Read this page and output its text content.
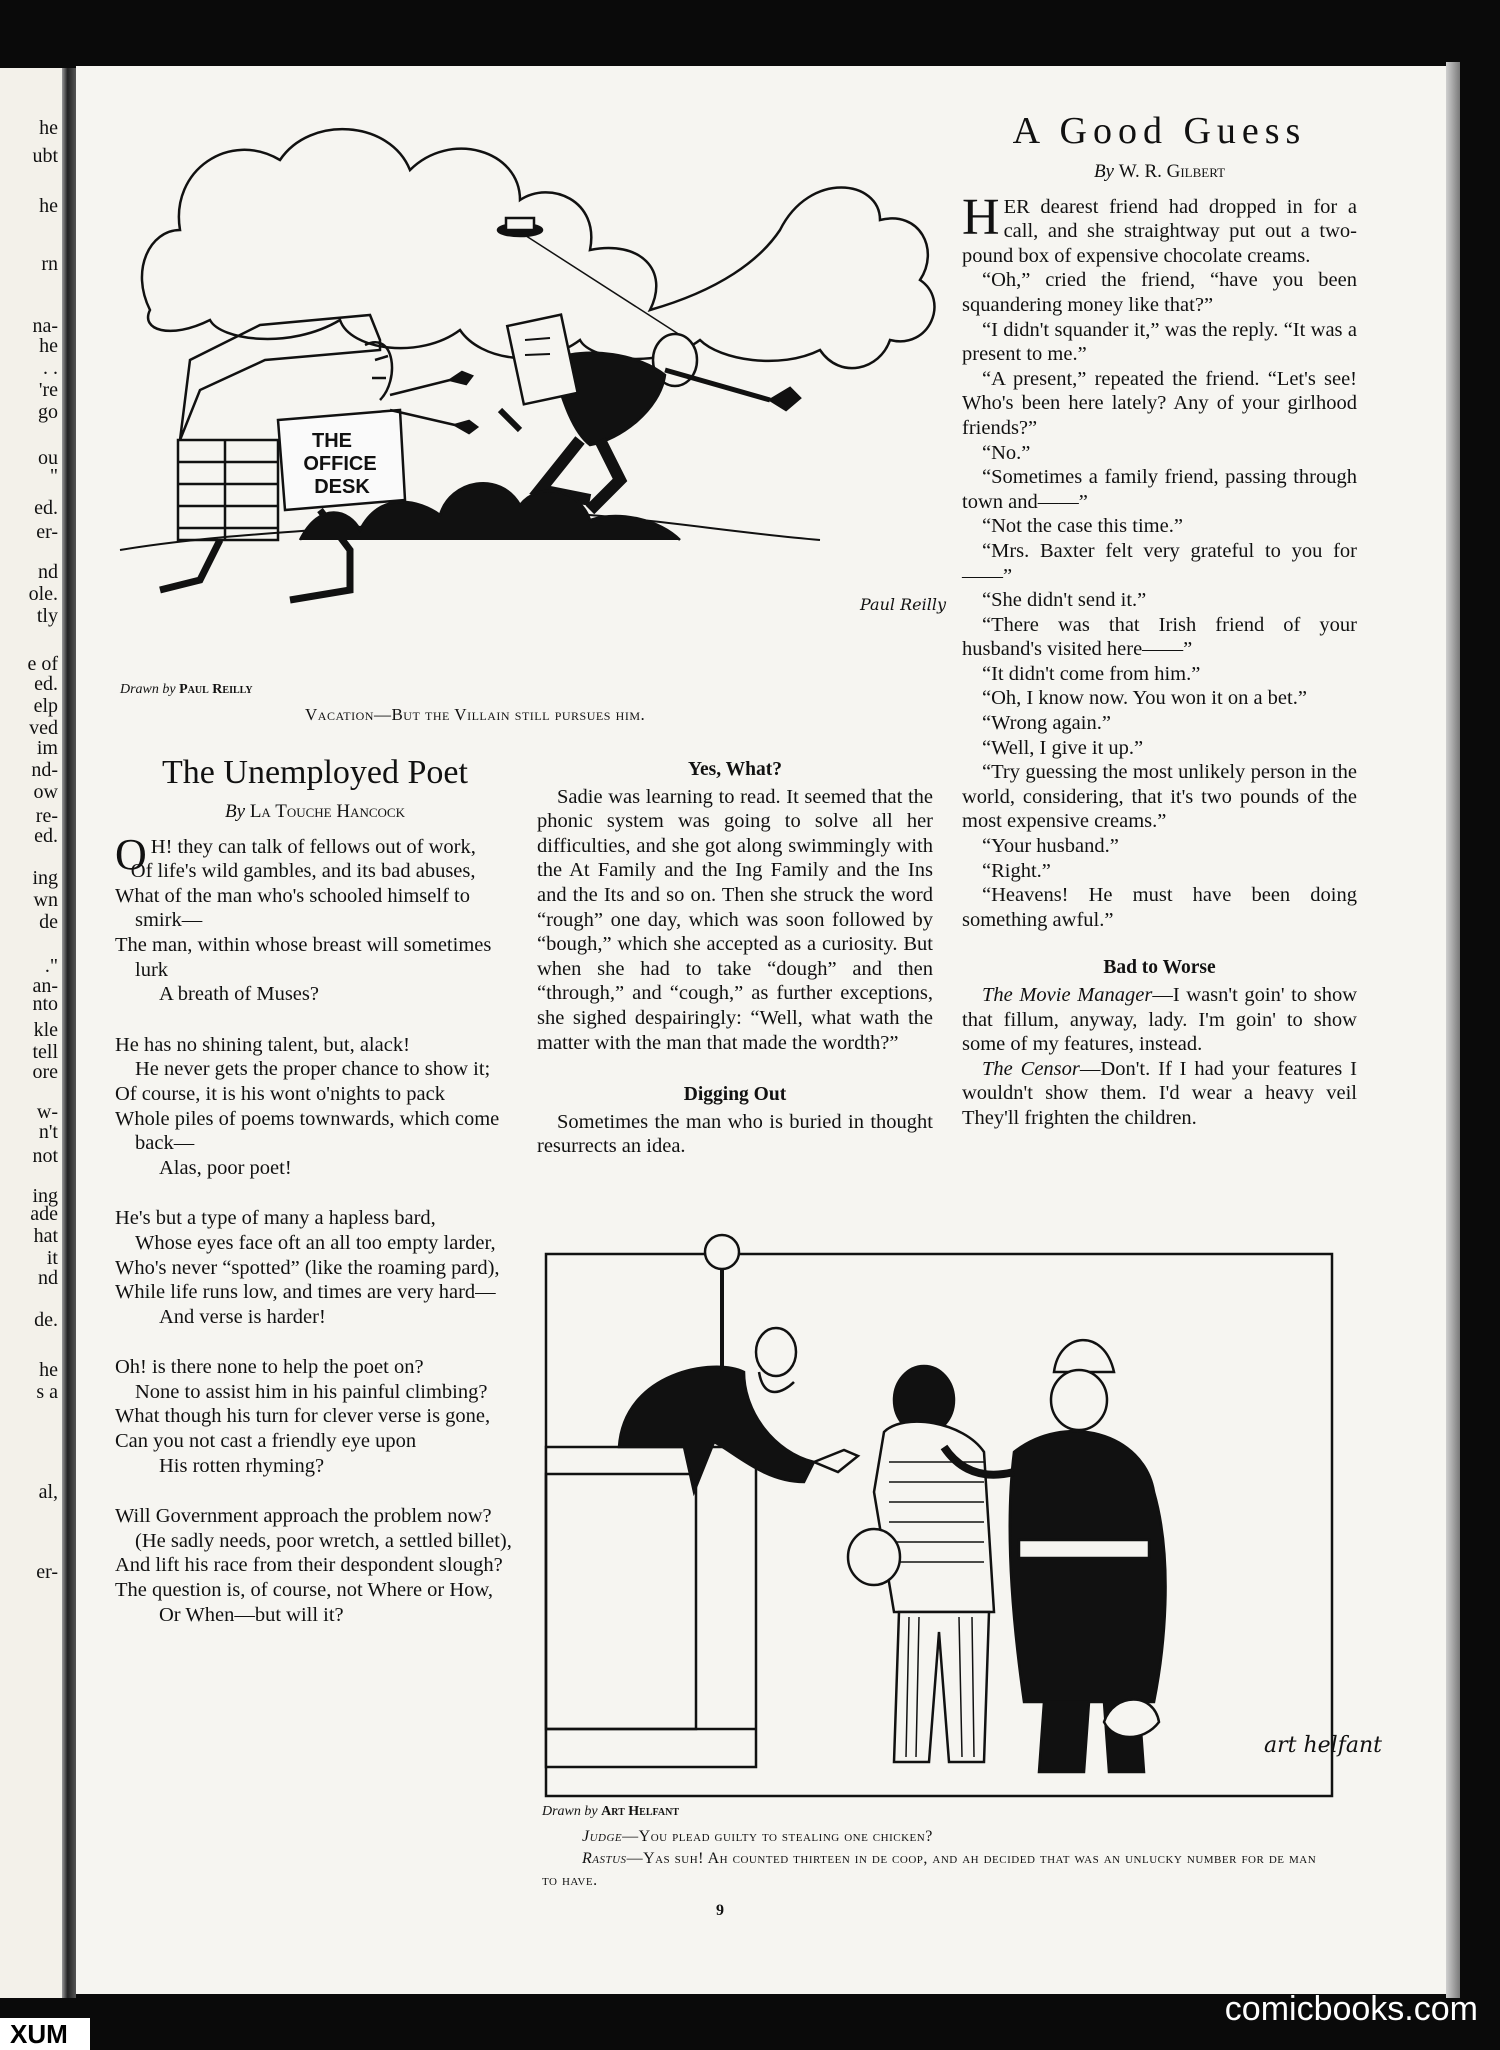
he
ubt
he
rn
na-
he
. .
're
go
ou
"
ed.
er-
nd
ole.
tly
e of
ed.
elp
ved
im
nd-
ow
re-
ed.
ing
wn
de
."
an-
nto
kle
tell
ore
w-
n't
not
ing
ade
hat
it
nd
de.
he
s a
al,
er-
THE
OFFICE
DESK
Paul Reilly
Drawn by Paul Reilly
Vacation—But the Villain still pursues him.
A Good Guess
By W. R. Gilbert

HER dearest friend had dropped in for a call, and she straightway put out a two-pound box of expensive chocolate creams.

“Oh,” cried the friend, “have you been squandering money like that?”

“I didn't squander it,” was the reply. “It was a present to me.”

“A present,” repeated the friend. “Let's see! Who's been here lately? Any of your girlhood friends?”

“No.”

“Sometimes a family friend, passing through town and——”

“Not the case this time.”

“Mrs. Baxter felt very grateful to you for——”

“She didn't send it.”

“There was that Irish friend of your husband's visited here——”

“It didn't come from him.”

“Oh, I know now. You won it on a bet.”

“Wrong again.”

“Well, I give it up.”

“Try guessing the most unlikely person in the world, considering, that it's two pounds of the most expensive creams.”

“Your husband.”

“Right.”

“Heavens! He must have been doing something awful.”

Bad to Worse

The Movie Manager—I wasn't goin' to show that fillum, anyway, lady. I'm goin' to show some of my features, instead.

The Censor—Don't. If I had your features I wouldn't show them. I'd wear a heavy veil They'll frighten the children.

The Unemployed Poet
By La Touche Hancock
O H! they can talk of fellows out of work,
Of life's wild gambles, and its bad abuses,
What of the man who's schooled himself to smirk—
The man, within whose breast will sometimes lurk
A breath of Muses?
He has no shining talent, but, alack!
He never gets the proper chance to show it;
Of course, it is his wont o'nights to pack
Whole piles of poems townwards, which come back—
Alas, poor poet!
He's but a type of many a hapless bard,
Whose eyes face oft an all too empty larder,
Who's never “spotted” (like the roaming pard),
While life runs low, and times are very hard—
And verse is harder!
Oh! is there none to help the poet on?
None to assist him in his painful climbing?
What though his turn for clever verse is gone,
Can you not cast a friendly eye upon
His rotten rhyming?
Will Government approach the problem now?
(He sadly needs, poor wretch, a settled billet),
And lift his race from their despondent slough?
The question is, of course, not Where or How,
Or When—but will it?
Yes, What?

Sadie was learning to read. It seemed that the phonic system was going to solve all her difficulties, and she got along swimmingly with the At Family and the Ing Family and the Ins and the Its and so on. Then she struck the word “rough” one day, which was soon followed by “bough,” which she accepted as a curiosity. But when she had to take “dough” and then “through,” and “cough,” as further exceptions, she sighed despairingly: “Well, what wath the matter with the man that made the wordth?”

Digging Out

Sometimes the man who is buried in thought resurrects an idea.

art helfant
Drawn by Art Helfant
Judge—You plead guilty to stealing one chicken?
Rastus—Yas suh! Ah counted thirteen in de coop, and ah decided that was an unlucky number for de man to have.
9
comicbooks.com
XUM
